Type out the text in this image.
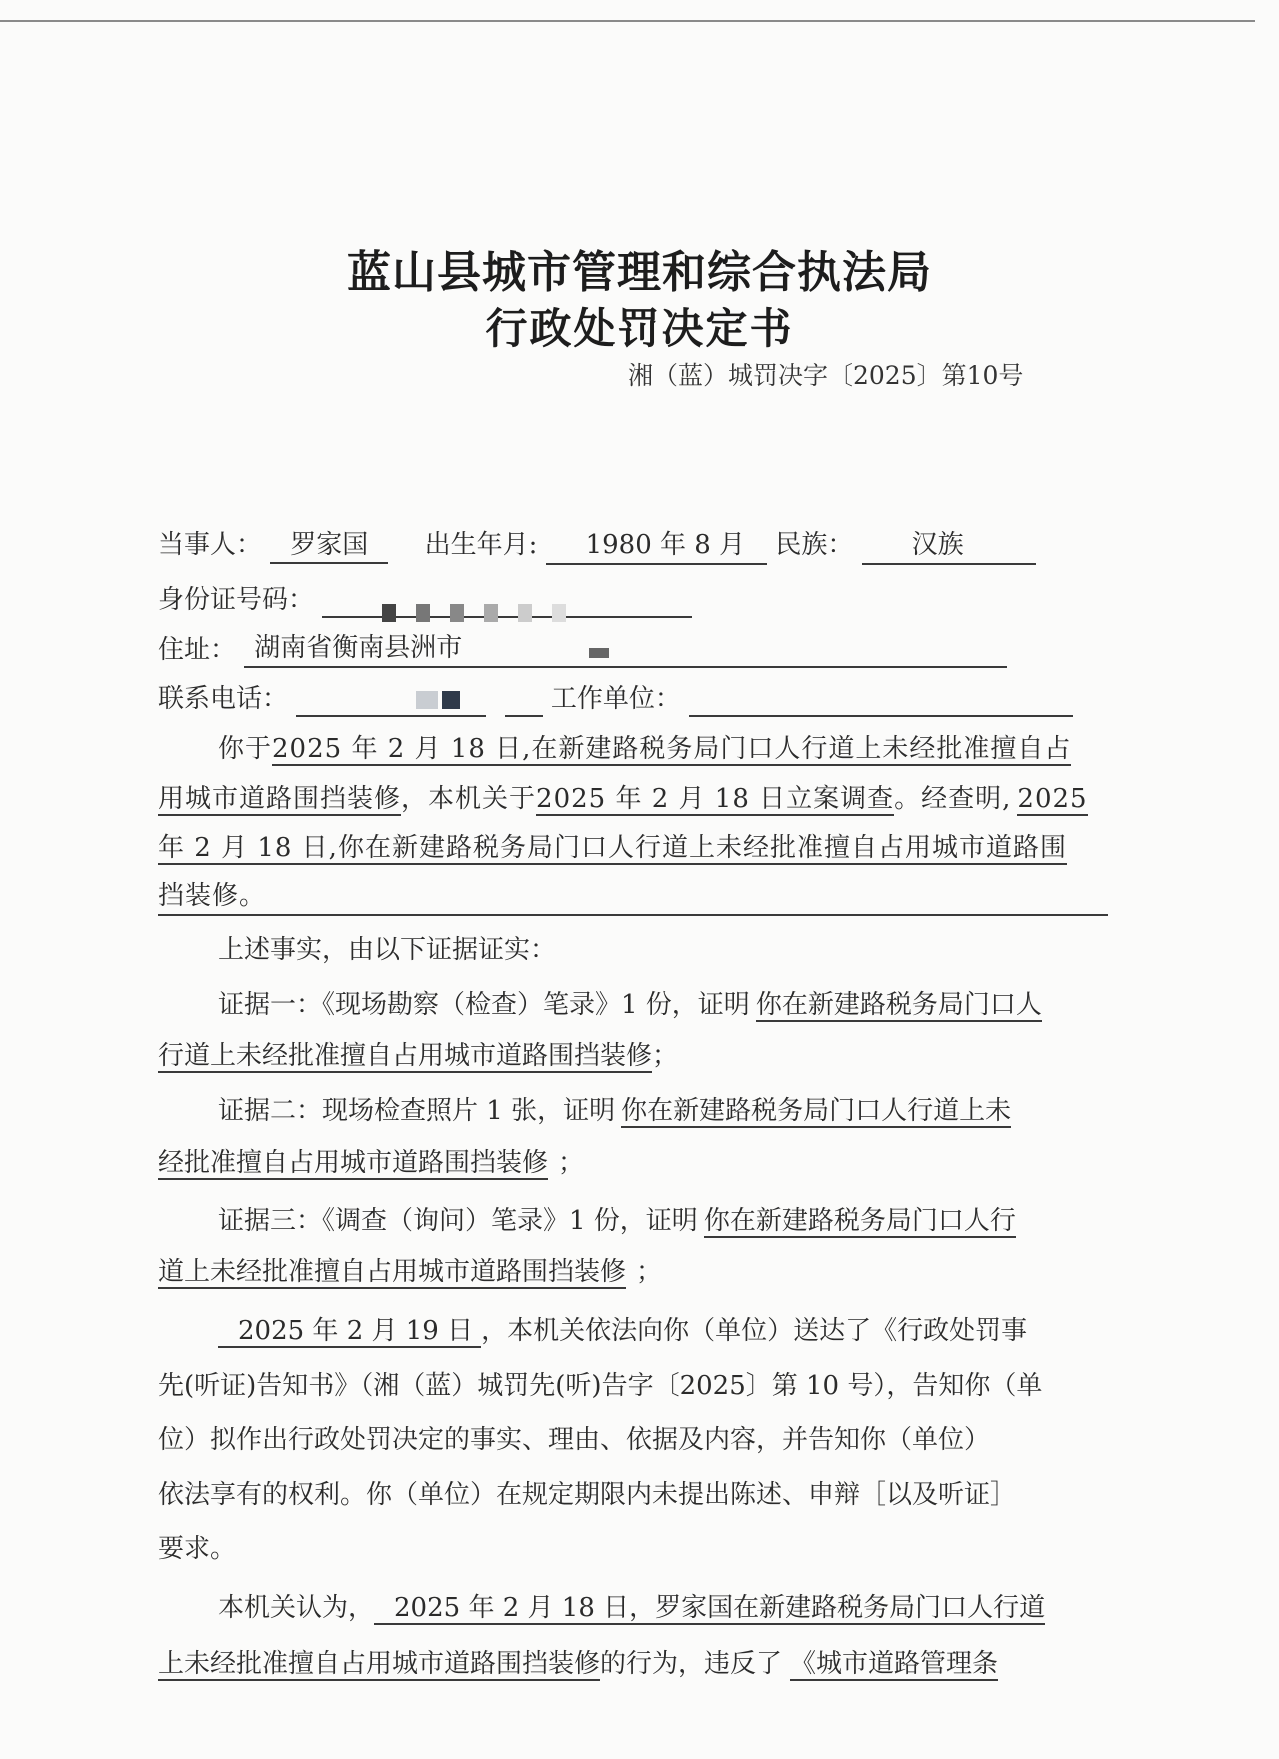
蓝山县城市管理和综合执法局
行政处罚决定书
湘（蓝）城罚决字〔2025〕第10号
当事人： 罗家国 出生年月: 1980 年 8 月 民族： 汉族
身份证号码：
住址： 湖南省衡南县洲市
联系电话：	工作单位：
你于2025 年 2 月 18 日,在新建路税务局门口人行道上未经批准擅自占
用城市道路围挡装修，本机关于2025 年 2 月 18 日立案调查。经查明, 2025
年 2 月 18 日,你在新建路税务局门口人行道上未经批准擅自占用城市道路围
挡装修。
上述事实，由以下证据证实：
证据一：《现场勘察（检查）笔录》1 份，证明 你在新建路税务局门口人
行道上未经批准擅自占用城市道路围挡装修；
证据二：现场检查照片 1 张，证明 你在新建路税务局门口人行道上未
经批准擅自占用城市道路围挡装修 ；
证据三：《调查（询问）笔录》1 份，证明 你在新建路税务局门口人行
道上未经批准擅自占用城市道路围挡装修 ；
2025 年 2 月 19 日 ，本机关依法向你（单位）送达了《行政处罚事
先(听证)告知书》（湘（蓝）城罚先(听)告字〔2025〕第 10 号），告知你（单
位）拟作出行政处罚决定的事实、理由、依据及内容，并告知你（单位）
依法享有的权利。你（单位）在规定期限内未提出陈述、申辩［以及听证］
要求。
本机关认为， 2025 年 2 月 18 日，罗家国在新建路税务局门口人行道
上未经批准擅自占用城市道路围挡装修的行为，违反了 《城市道路管理条
